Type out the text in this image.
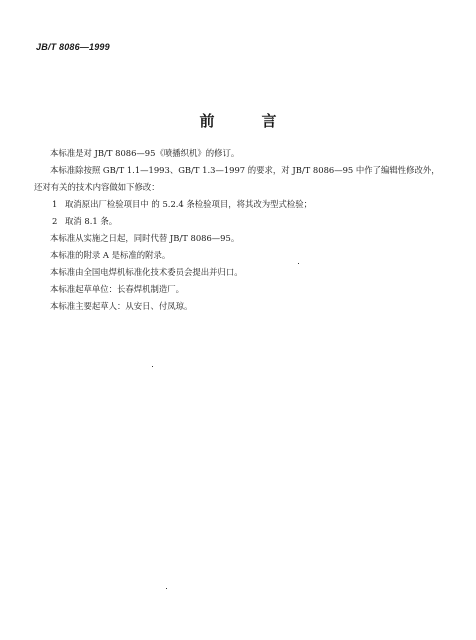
JB/T 8086—1999
前　言

本标准是对 JB/T 8086—95《喷播织机》的修订。

本标准除按照 GB/T 1.1—1993、GB/T 1.3—1997 的要求，对 JB/T 8086—95 中作了编辑性修改外，

还对有关的技术内容做如下修改：

1 取消原出厂检验项目中 的 5.2.4 条检验项目，将其改为型式检验；

2 取消 8.1 条。

本标准从实施之日起，同时代替 JB/T 8086—95。

本标准的附录 A 是标准的附录。

本标准由全国电焊机标准化技术委员会提出并归口。

本标准起草单位：长春焊机制造厂。

本标准主要起草人：从安日、付凤琼。
